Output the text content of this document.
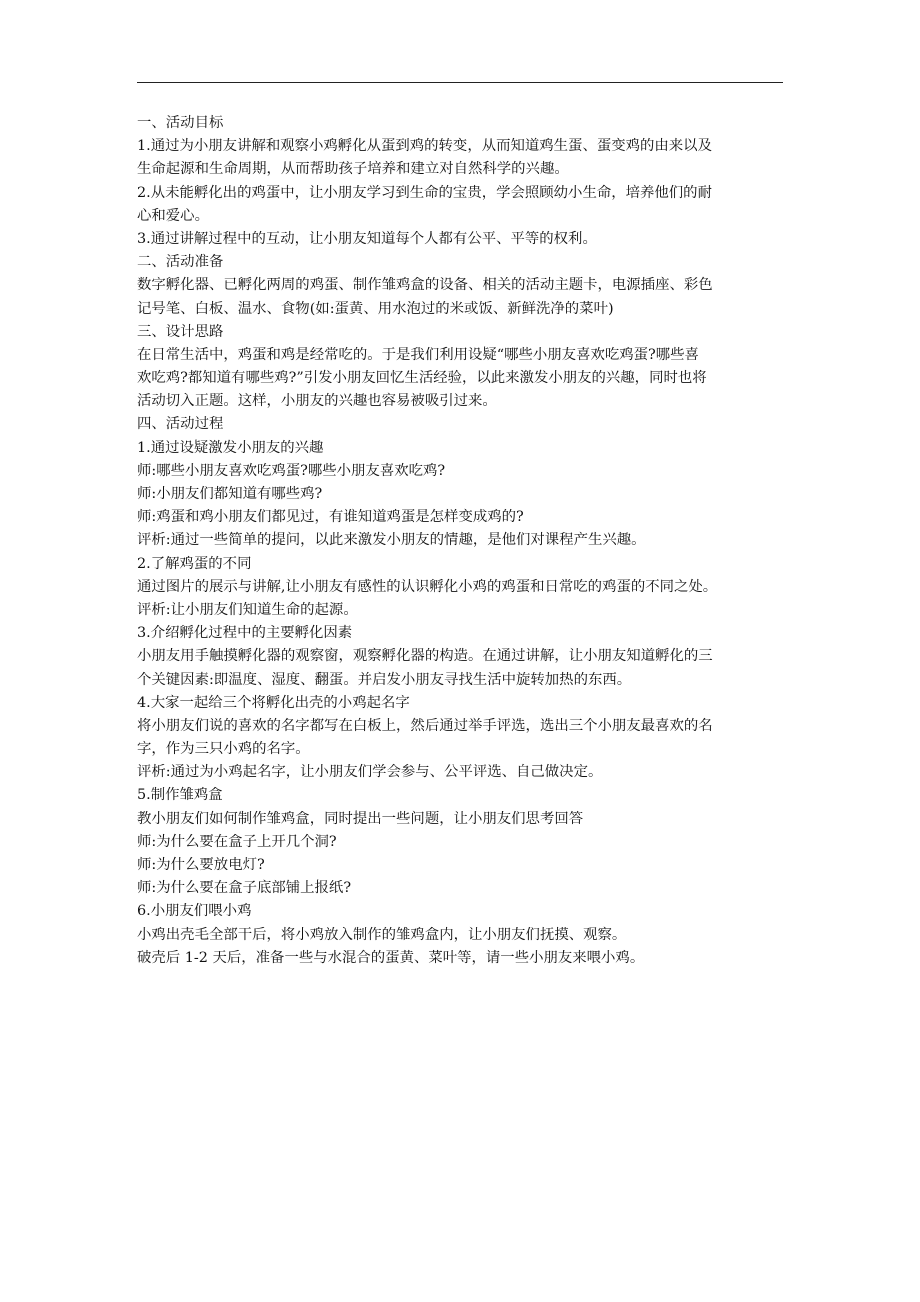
一、活动目标
1.通过为小朋友讲解和观察小鸡孵化从蛋到鸡的转变，从而知道鸡生蛋、蛋变鸡的由来以及
生命起源和生命周期，从而帮助孩子培养和建立对自然科学的兴趣。
2.从未能孵化出的鸡蛋中，让小朋友学习到生命的宝贵，学会照顾幼小生命，培养他们的耐
心和爱心。
3.通过讲解过程中的互动，让小朋友知道每个人都有公平、平等的权利。
二、活动准备
数字孵化器、已孵化两周的鸡蛋、制作雏鸡盒的设备、相关的活动主题卡，电源插座、彩色
记号笔、白板、温水、食物(如:蛋黄、用水泡过的米或饭、新鲜洗净的菜叶)
三、设计思路
在日常生活中，鸡蛋和鸡是经常吃的。于是我们利用设疑“哪些小朋友喜欢吃鸡蛋?哪些喜
欢吃鸡?都知道有哪些鸡?”引发小朋友回忆生活经验，以此来激发小朋友的兴趣，同时也将
活动切入正题。这样，小朋友的兴趣也容易被吸引过来。
四、活动过程
1.通过设疑激发小朋友的兴趣
师:哪些小朋友喜欢吃鸡蛋?哪些小朋友喜欢吃鸡?
师:小朋友们都知道有哪些鸡?
师:鸡蛋和鸡小朋友们都见过，有谁知道鸡蛋是怎样变成鸡的?
评析:通过一些简单的提问，以此来激发小朋友的情趣，是他们对课程产生兴趣。
2.了解鸡蛋的不同
通过图片的展示与讲解,让小朋友有感性的认识孵化小鸡的鸡蛋和日常吃的鸡蛋的不同之处。
评析:让小朋友们知道生命的起源。
3.介绍孵化过程中的主要孵化因素
小朋友用手触摸孵化器的观察窗，观察孵化器的构造。在通过讲解，让小朋友知道孵化的三
个关键因素:即温度、湿度、翻蛋。并启发小朋友寻找生活中旋转加热的东西。
4.大家一起给三个将孵化出壳的小鸡起名字
将小朋友们说的喜欢的名字都写在白板上，然后通过举手评选，选出三个小朋友最喜欢的名
字，作为三只小鸡的名字。
评析:通过为小鸡起名字，让小朋友们学会参与、公平评选、自己做决定。
5.制作雏鸡盒
教小朋友们如何制作雏鸡盒，同时提出一些问题，让小朋友们思考回答
师:为什么要在盒子上开几个洞?
师:为什么要放电灯?
师:为什么要在盒子底部铺上报纸?
6.小朋友们喂小鸡
小鸡出壳毛全部干后，将小鸡放入制作的雏鸡盒内，让小朋友们抚摸、观察。
破壳后 1-2 天后，准备一些与水混合的蛋黄、菜叶等，请一些小朋友来喂小鸡。
